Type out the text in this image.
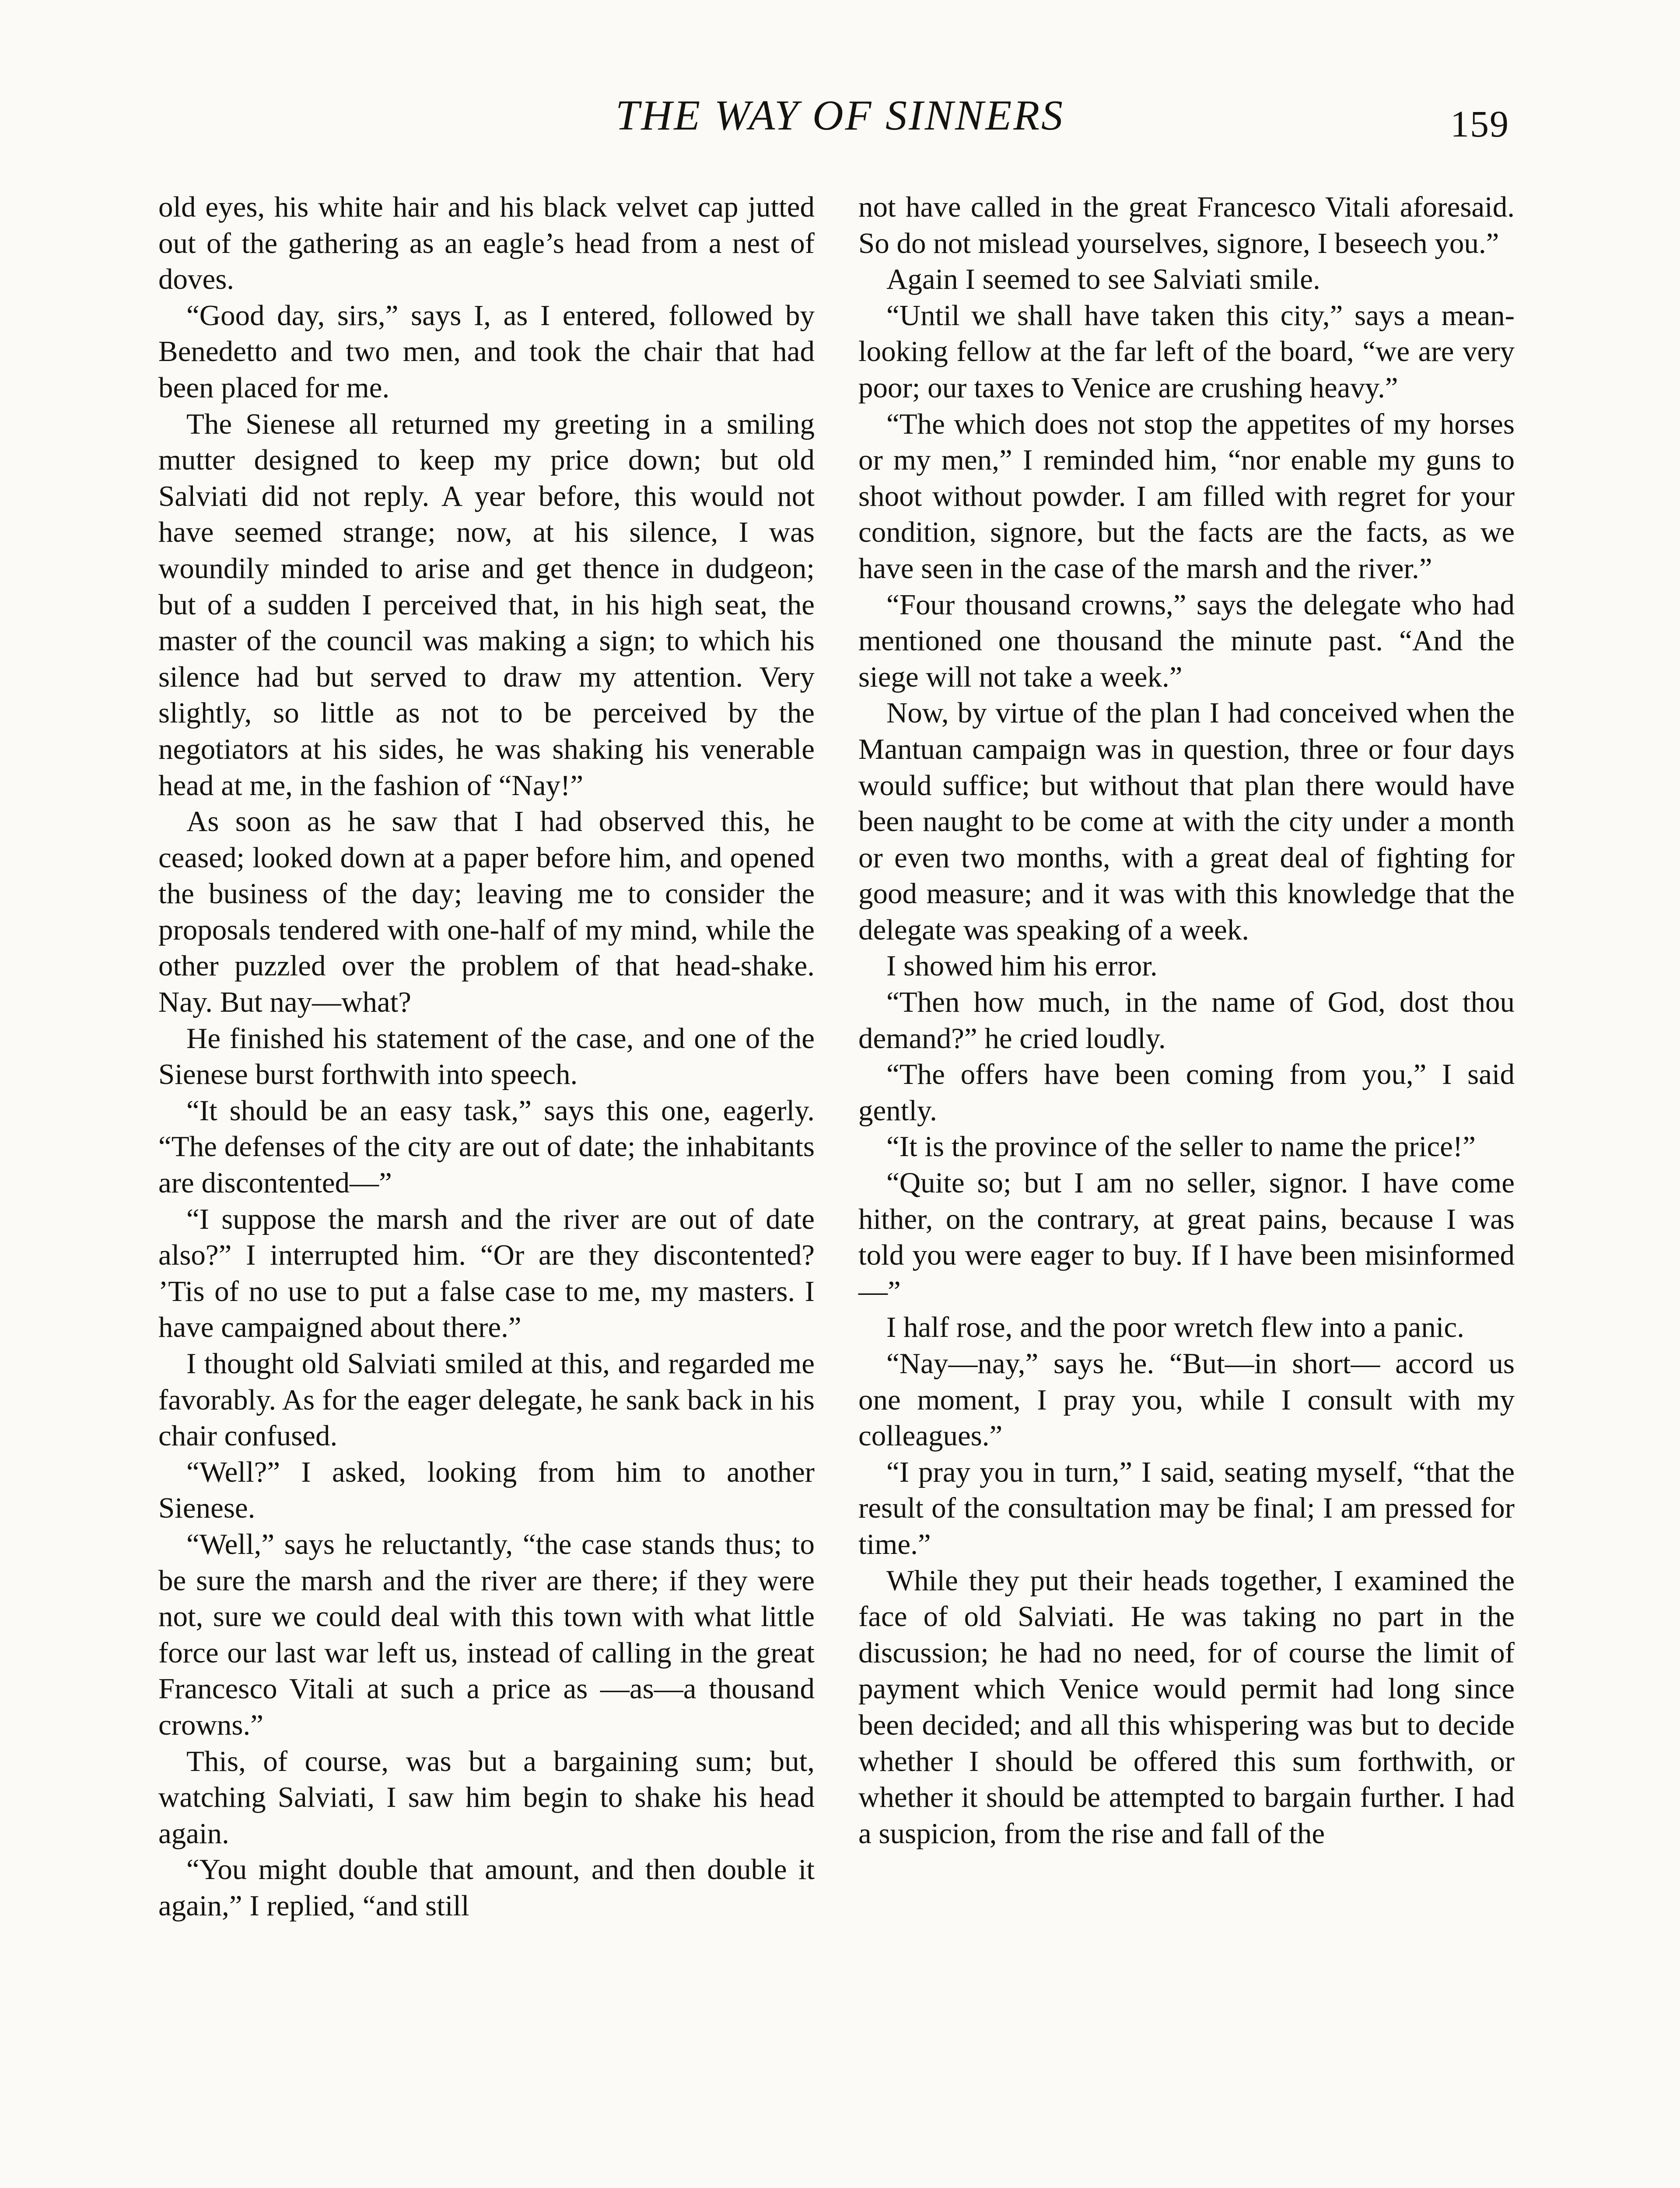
THE WAY OF SINNERS	159

old eyes, his white hair and his black velvet cap jutted out of the gathering as an eagle’s head from a nest of doves.

“Good day, sirs,” says I, as I entered, followed by Benedetto and two men, and took the chair that had been placed for me.

The Sienese all returned my greeting in a smiling mutter designed to keep my price down; but old Salviati did not reply. A year before, this would not have seemed strange; now, at his silence, I was woundily minded to arise and get thence in dudgeon; but of a sudden I perceived that, in his high seat, the master of the council was making a sign; to which his silence had but served to draw my attention. Very slightly, so little as not to be perceived by the negotiators at his sides, he was shaking his venerable head at me, in the fashion of “Nay!”

As soon as he saw that I had observed this, he ceased; looked down at a paper before him, and opened the business of the day; leaving me to consider the proposals tendered with one-half of my mind, while the other puzzled over the problem of that head-shake. Nay. But nay—what?

He finished his statement of the case, and one of the Sienese burst forthwith into speech.

“It should be an easy task,” says this one, eagerly. “The defenses of the city are out of date; the inhabitants are discontented—”

“I suppose the marsh and the river are out of date also?” I interrupted him. “Or are they discontented? ’Tis of no use to put a false case to me, my masters. I have campaigned about there.”

I thought old Salviati smiled at this, and regarded me favorably. As for the eager delegate, he sank back in his chair confused.

“Well?” I asked, looking from him to another Sienese.

“Well,” says he reluctantly, “the case stands thus; to be sure the marsh and the river are there; if they were not, sure we could deal with this town with what little force our last war left us, instead of calling in the great Francesco Vitali at such a price as —as—a thousand crowns.”

This, of course, was but a bargaining sum; but, watching Salviati, I saw him begin to shake his head again.

“You might double that amount, and then double it again,” I replied, “and still

not have called in the great Francesco Vitali aforesaid. So do not mislead yourselves, signore, I beseech you.”

Again I seemed to see Salviati smile.

“Until we shall have taken this city,” says a mean-looking fellow at the far left of the board, “we are very poor; our taxes to Venice are crushing heavy.”

“The which does not stop the appetites of my horses or my men,” I reminded him, “nor enable my guns to shoot without powder. I am filled with regret for your condition, signore, but the facts are the facts, as we have seen in the case of the marsh and the river.”

“Four thousand crowns,” says the delegate who had mentioned one thousand the minute past. “And the siege will not take a week.”

Now, by virtue of the plan I had conceived when the Mantuan campaign was in question, three or four days would suffice; but without that plan there would have been naught to be come at with the city under a month or even two months, with a great deal of fighting for good measure; and it was with this knowledge that the delegate was speaking of a week.

I showed him his error.

“Then how much, in the name of God, dost thou demand?” he cried loudly.

“The offers have been coming from you,” I said gently.

“It is the province of the seller to name the price!”

“Quite so; but I am no seller, signor. I have come hither, on the contrary, at great pains, because I was told you were eager to buy. If I have been misinformed—”

I half rose, and the poor wretch flew into a panic.

“Nay—nay,” says he. “But—in short— accord us one moment, I pray you, while I consult with my colleagues.”

“I pray you in turn,” I said, seating myself, “that the result of the consultation may be final; I am pressed for time.”

While they put their heads together, I examined the face of old Salviati. He was taking no part in the discussion; he had no need, for of course the limit of payment which Venice would permit had long since been decided; and all this whispering was but to decide whether I should be offered this sum forthwith, or whether it should be attempted to bargain further. I had a suspicion, from the rise and fall of the
